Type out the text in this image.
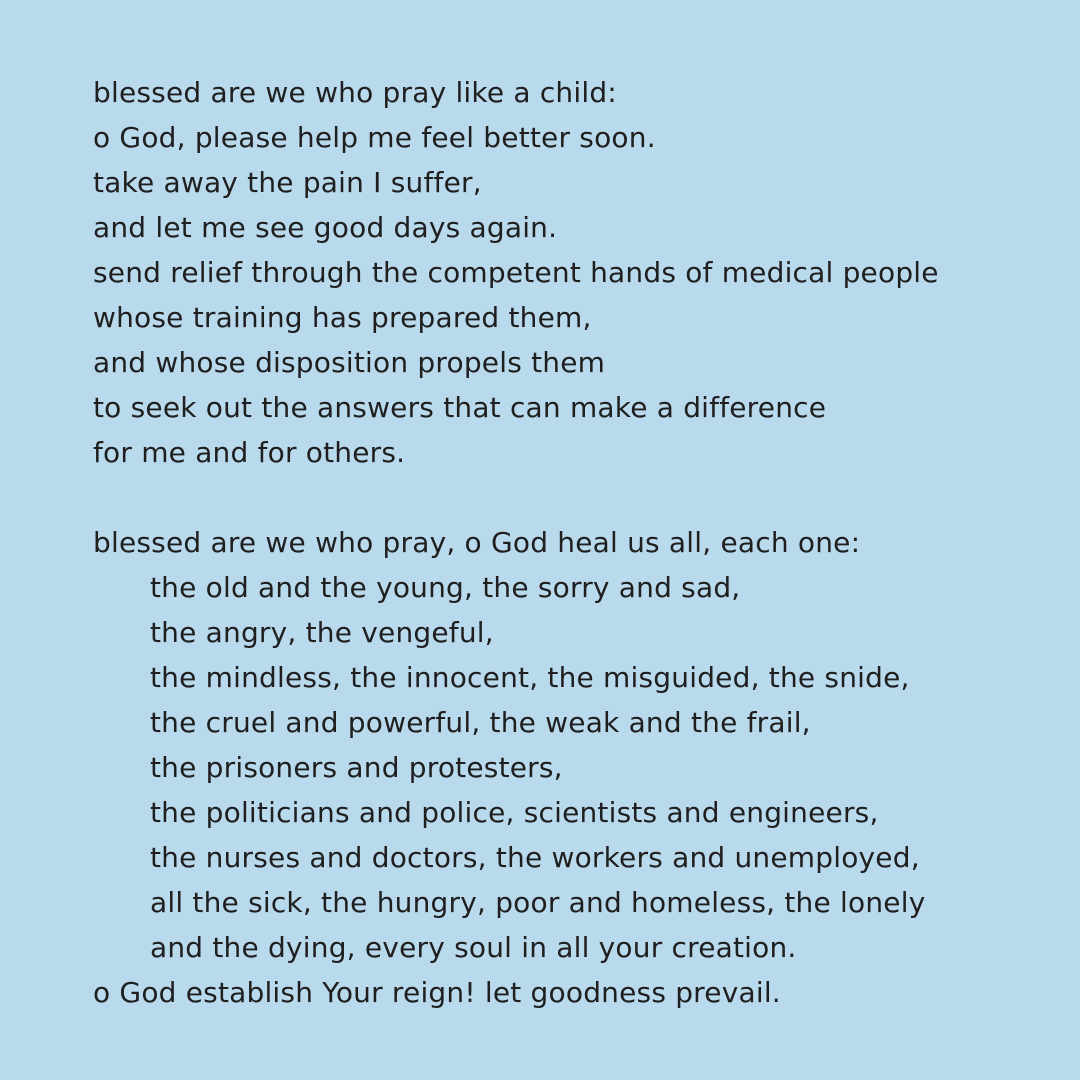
blessed are we who pray like a child:
o God, please help me feel better soon.
take away the pain I suffer,
and let me see good days again.
send relief through the competent hands of medical people
whose training has prepared them,
and whose disposition propels them
to seek out the answers that can make a difference
for me and for others.
blessed are we who pray, o God heal us all, each one:
the old and the young, the sorry and sad,
the angry, the vengeful,
the mindless, the innocent, the misguided, the snide,
the cruel and powerful, the weak and the frail,
the prisoners and protesters,
the politicians and police, scientists and engineers,
the nurses and doctors, the workers and unemployed,
all the sick, the hungry, poor and homeless, the lonely
and the dying, every soul in all your creation.
o God establish Your reign! let goodness prevail.
